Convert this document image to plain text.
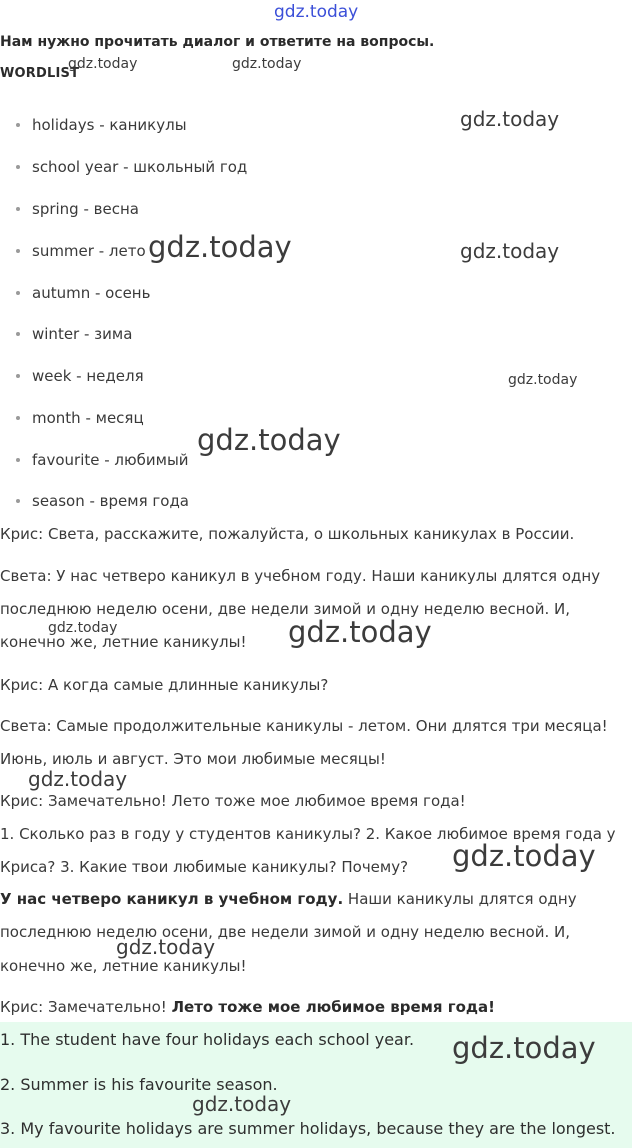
gdz.today
Нам нужно прочитать диалог и ответите на вопросы.
WORDLIST
holidays - каникулы
school year - школьный год
spring - весна
summer - лето
autumn - осень
winter - зима
week - неделя
month - месяц
favourite - любимый
season - время года
Крис: Света, расскажите, пожалуйста, о школьных каникулах в России.
Света: У нас четверо каникул в учебном году. Наши каникулы длятся одну
последнюю неделю осени, две недели зимой и одну неделю весной. И,
конечно же, летние каникулы!
Крис: А когда самые длинные каникулы?
Света: Самые продолжительные каникулы - летом. Они длятся три месяца!
Июнь, июль и август. Это мои любимые месяцы!
Крис: Замечательно! Лето тоже мое любимое время года!
1. Сколько раз в году у студентов каникулы? 2. Какое любимое время года у
Криса? 3. Какие твои любимые каникулы? Почему?
У нас четверо каникул в учебном году. Наши каникулы длятся одну
последнюю неделю осени, две недели зимой и одну неделю весной. И,
конечно же, летние каникулы!
Крис: Замечательно! Лето тоже мое любимое время года!
1. The student have four holidays each school year.
2. Summer is his favourite season.
3. My favourite holidays are summer holidays, because they are the longest.
gdz.today	gdz.today
gdz.today
gdz.today	gdz.today
gdz.today
gdz.today
gdz.today	gdz.today
gdz.today
gdz.today
gdz.today
gdz.today
gdz.today
